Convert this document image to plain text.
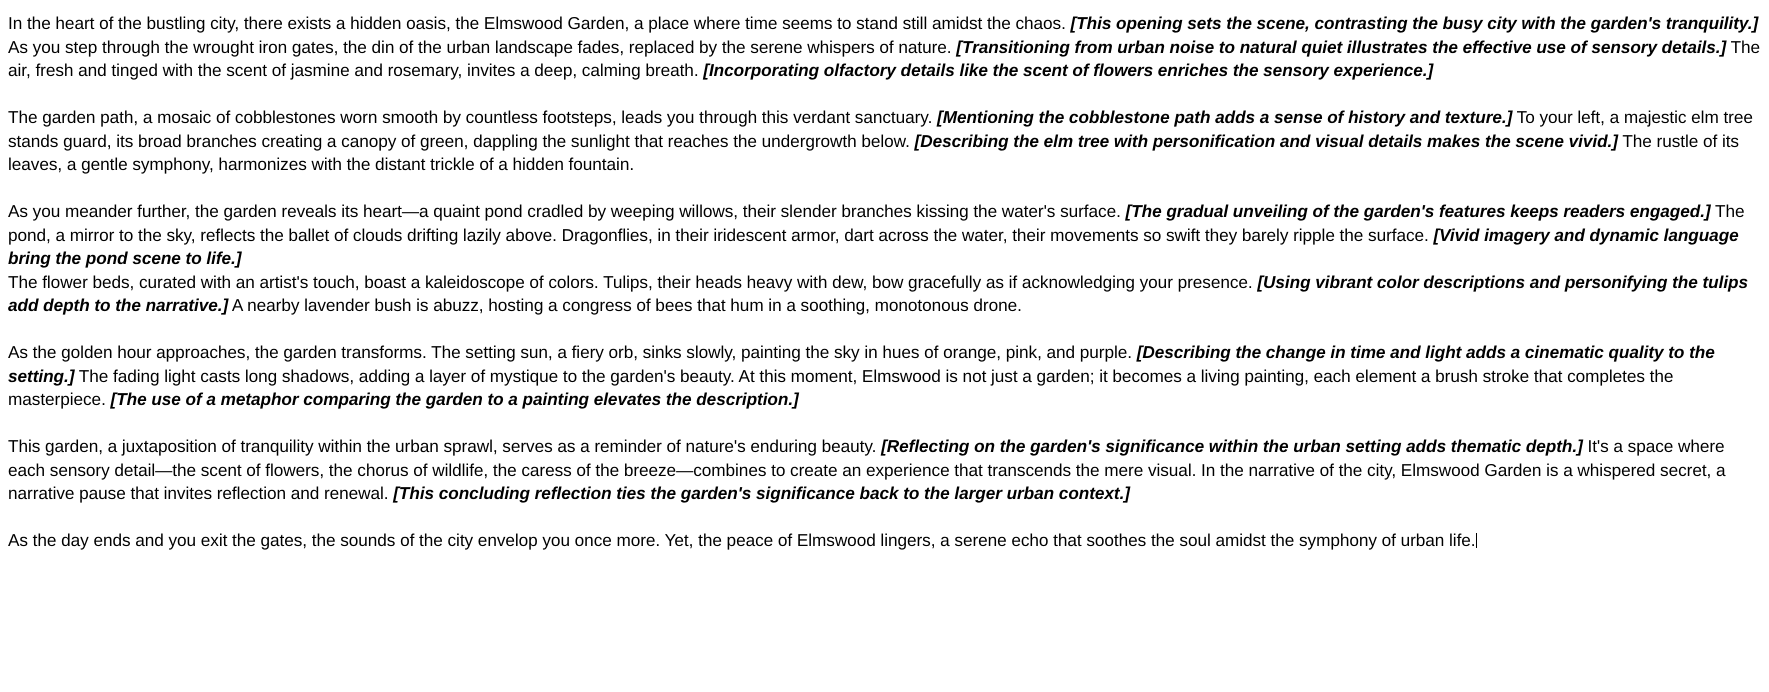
In the heart of the bustling city, there exists a hidden oasis, the Elmswood Garden, a place where time seems to stand still amidst the chaos. [This opening sets the scene, contrasting the busy city with the garden's tranquility.] As you step through the wrought iron gates, the din of the urban landscape fades, replaced by the serene whispers of nature. [Transitioning from urban noise to natural quiet illustrates the effective use of sensory details.] The air, fresh and tinged with the scent of jasmine and rosemary, invites a deep, calming breath. [Incorporating olfactory details like the scent of flowers enriches the sensory experience.]

The garden path, a mosaic of cobblestones worn smooth by countless footsteps, leads you through this verdant sanctuary. [Mentioning the cobblestone path adds a sense of history and texture.] To your left, a majestic elm tree stands guard, its broad branches creating a canopy of green, dappling the sunlight that reaches the undergrowth below. [Describing the elm tree with personification and visual details makes the scene vivid.] The rustle of its leaves, a gentle symphony, harmonizes with the distant trickle of a hidden fountain.

As you meander further, the garden reveals its heart—a quaint pond cradled by weeping willows, their slender branches kissing the water's surface. [The gradual unveiling of the garden's features keeps readers engaged.] The pond, a mirror to the sky, reflects the ballet of clouds drifting lazily above. Dragonflies, in their iridescent armor, dart across the water, their movements so swift they barely ripple the surface. [Vivid imagery and dynamic language bring the pond scene to life.]
The flower beds, curated with an artist's touch, boast a kaleidoscope of colors. Tulips, their heads heavy with dew, bow gracefully as if acknowledging your presence. [Using vibrant color descriptions and personifying the tulips add depth to the narrative.] A nearby lavender bush is abuzz, hosting a congress of bees that hum in a soothing, monotonous drone.

As the golden hour approaches, the garden transforms. The setting sun, a fiery orb, sinks slowly, painting the sky in hues of orange, pink, and purple. [Describing the change in time and light adds a cinematic quality to the setting.] The fading light casts long shadows, adding a layer of mystique to the garden's beauty. At this moment, Elmswood is not just a garden; it becomes a living painting, each element a brush stroke that completes the masterpiece. [The use of a metaphor comparing the garden to a painting elevates the description.]

This garden, a juxtaposition of tranquility within the urban sprawl, serves as a reminder of nature's enduring beauty. [Reflecting on the garden's significance within the urban setting adds thematic depth.] It's a space where each sensory detail—the scent of flowers, the chorus of wildlife, the caress of the breeze—combines to create an experience that transcends the mere visual. In the narrative of the city, Elmswood Garden is a whispered secret, a narrative pause that invites reflection and renewal. [This concluding reflection ties the garden's significance back to the larger urban context.]

As the day ends and you exit the gates, the sounds of the city envelop you once more. Yet, the peace of Elmswood lingers, a serene echo that soothes the soul amidst the symphony of urban life.
